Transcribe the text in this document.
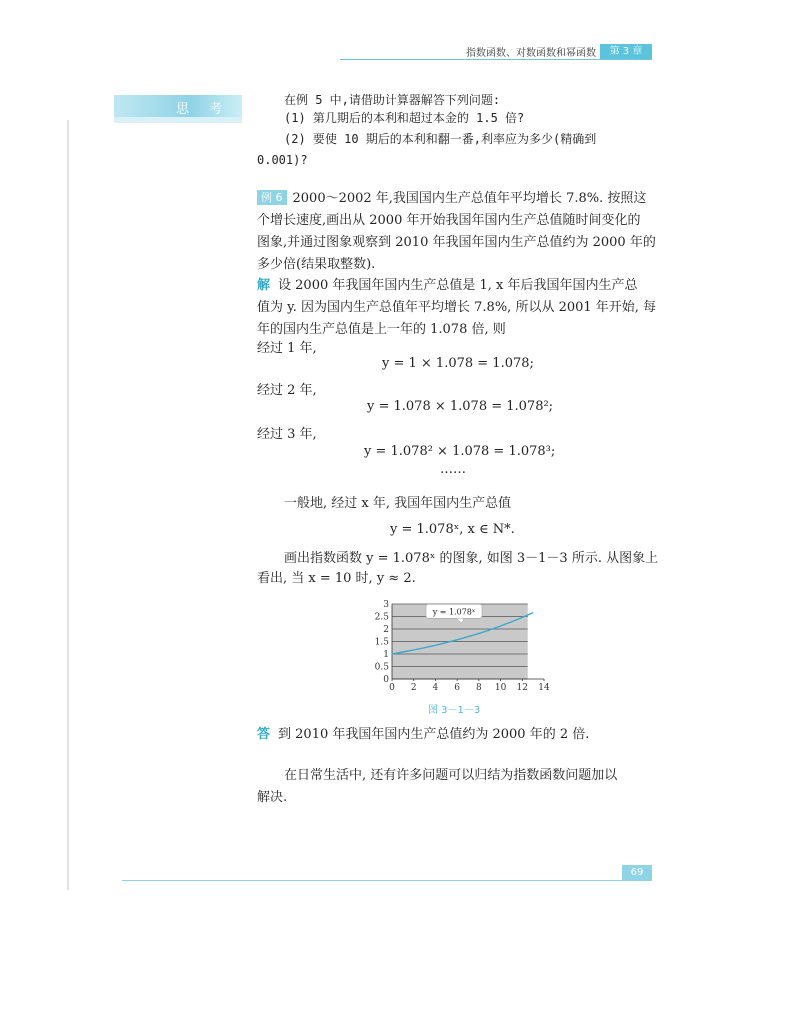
指数函数、对数函数和幂函数	第 3 章
思 考
在例 5 中,请借助计算器解答下列问题:
(1) 第几期后的本利和超过本金的 1.5 倍?
(2) 要使 10 期后的本利和翻一番,利率应为多少(精确到
0.001)?
例 6 2000～2002 年,我国国内生产总值年平均增长 7.8%. 按照这
个增长速度,画出从 2000 年开始我国年国内生产总值随时间变化的
图象,并通过图象观察到 2010 年我国年国内生产总值约为 2000 年的
多少倍(结果取整数).
解 设 2000 年我国年国内生产总值是 1, x 年后我国年国内生产总
值为 y. 因为国内生产总值年平均增长 7.8%, 所以从 2001 年开始, 每
年的国内生产总值是上一年的 1.078 倍, 则
经过 1 年,
y = 1 × 1.078 = 1.078;
经过 2 年,
y = 1.078 × 1.078 = 1.078²;
经过 3 年,
y = 1.078² × 1.078 = 1.078³;
……
一般地, 经过 x 年, 我国年国内生产总值
y = 1.078ˣ, x ∈ N*.
画出指数函数 y = 1.078ˣ 的图象, 如图 3－1－3 所示. 从图象上
看出, 当 x = 10 时, y ≈ 2.
0
0.5
1
1.5
2
2.5
3
0 2 4 6 8 10 12 14
y = 1.078ˣ
图 3－1－3
答 到 2010 年我国年国内生产总值约为 2000 年的 2 倍.
在日常生活中, 还有许多问题可以归结为指数函数问题加以
解决.
69
